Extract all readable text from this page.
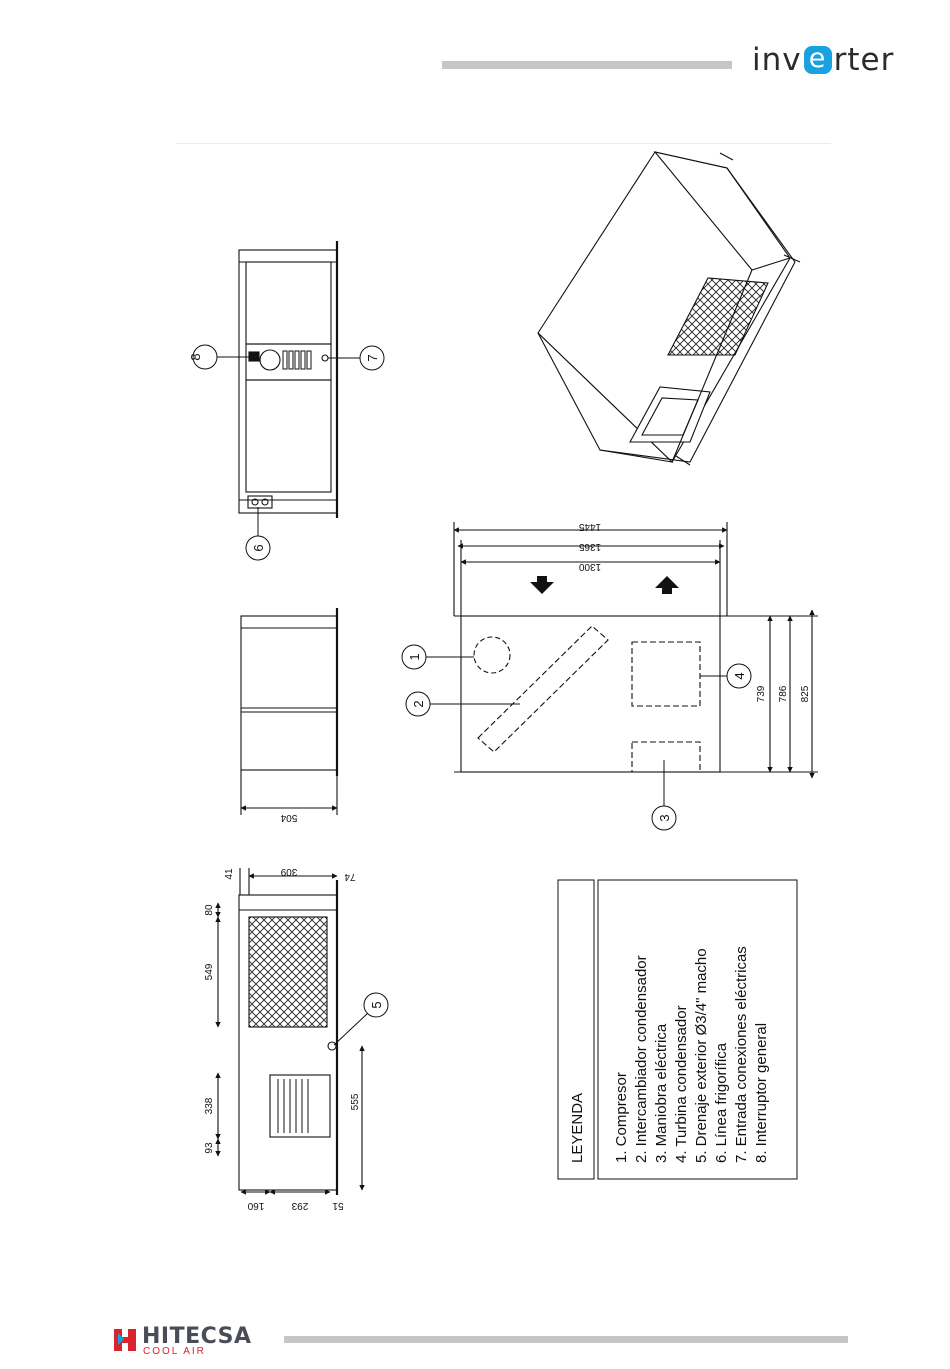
inv e rter
1445
1365
1300
739 786 825
504
309
41	74
80
549
338
93
555
160	293 51
8	7
6
1
2
3
4
5
LEYENDA 1. Compresor 2. Intercambiador condensador 3. Maniobra eléctrica 4. Turbina condensador 5. Drenaje exterior Ø3/4" macho 6. Línea frigorífica 7. Entrada conexiones eléctricas 8. Interruptor general
HITECSA
COOL AIR
